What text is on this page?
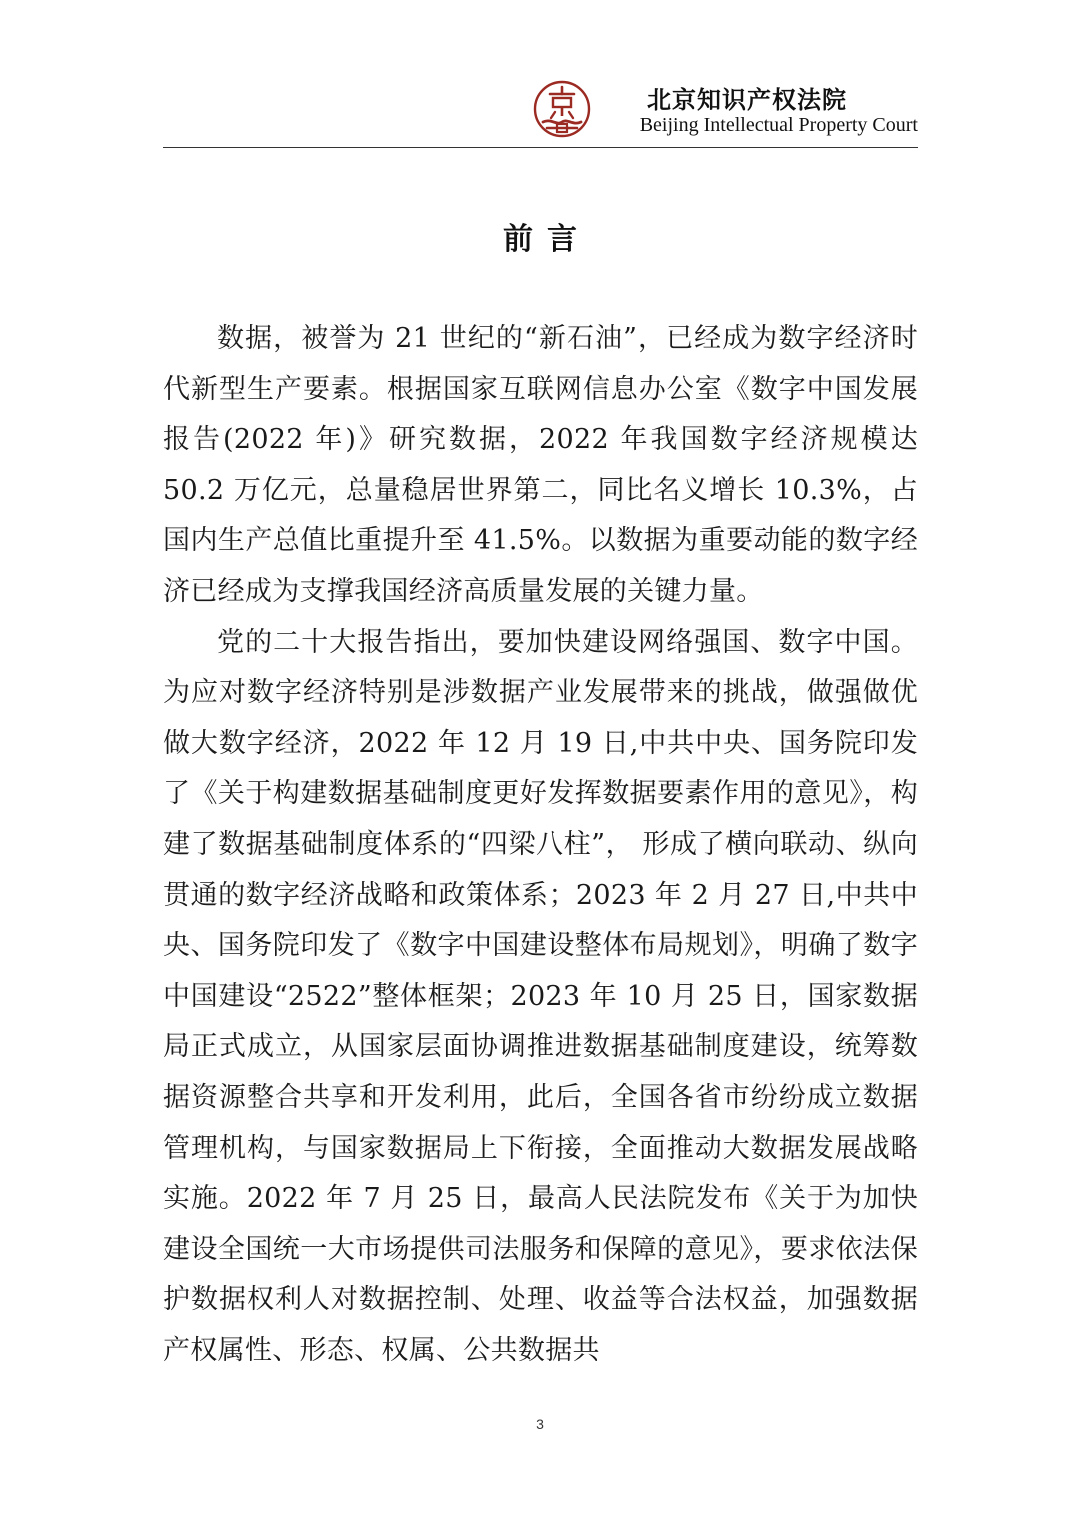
北京知识产权法院
Beijing Intellectual Property Court
前言

数据，被誉为 21 世纪的“新石油”，已经成为数字经济时代新型生产要素。根据国家互联网信息办公室《数字中国发展报告(2022 年)》研究数据，2022 年我国数字经济规模达 50.2 万亿元，总量稳居世界第二，同比名义增长 10.3%，占国内生产总值比重提升至 41.5%。以数据为重要动能的数字经济已经成为支撑我国经济高质量发展的关键力量。

党的二十大报告指出，要加快建设网络强国、数字中国。为应对数字经济特别是涉数据产业发展带来的挑战，做强做优做大数字经济，2022 年 12 月 19 日,中共中央、国务院印发了《关于构建数据基础制度更好发挥数据要素作用的意见》，构建了数据基础制度体系的“四梁八柱”， 形成了横向联动、纵向贯通的数字经济战略和政策体系；2023 年 2 月 27 日,中共中央、国务院印发了《数字中国建设整体布局规划》，明确了数字中国建设“2522”整体框架；2023 年 10 月 25 日，国家数据局正式成立，从国家层面协调推进数据基础制度建设，统筹数据资源整合共享和开发利用，此后，全国各省市纷纷成立数据管理机构，与国家数据局上下衔接，全面推动大数据发展战略实施。2022 年 7 月 25 日，最高人民法院发布《关于为加快建设全国统一大市场提供司法服务和保障的意见》，要求依法保护数据权利人对数据控制、处理、收益等合法权益，加强数据产权属性、形态、权属、公共数据共

3
